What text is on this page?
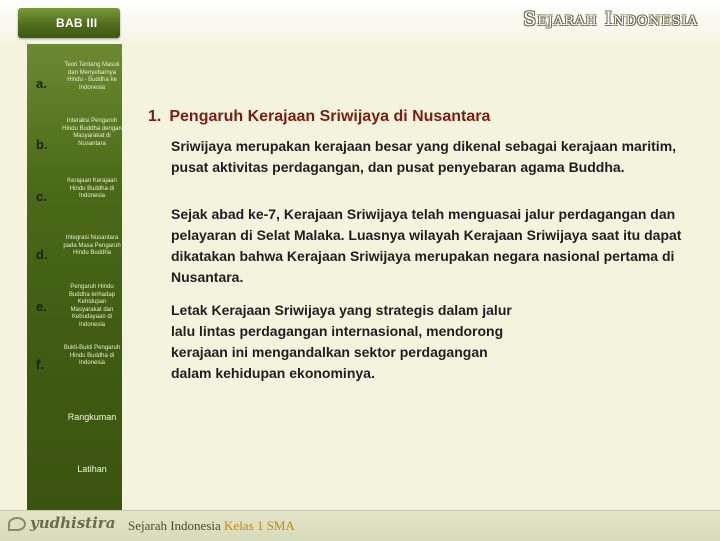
BAB III	Sejarah Indonesia
a.
b.
c.
d.
e.
f.
Teori Tentang Masuk dan Menyebarnya Hindu - Buddha ke Indonesia
Interaksi Pengaruh Hindu Buddha dengan Masyarakat di Nusantara
Kerajaan Kerajaan Hindu Buddha di Indonesia
Integrasi Nusantara pada Masa Pengaruh Hindu Buddha
Pengaruh Hindu Buddha terhadap Kehidupan Masyarakat dan Kebudayaan di Indonesia
Bukti-Bukti Pengaruh Hindu Buddha di Indonesia
Rangkuman
Latihan
1. Pengaruh Kerajaan Sriwijaya di Nusantara

Sriwijaya merupakan kerajaan besar yang dikenal sebagai kerajaan maritim, pusat aktivitas perdagangan, dan pusat penyebaran agama Buddha.

Sejak abad ke-7, Kerajaan Sriwijaya telah menguasai jalur perdagangan dan pelayaran di Selat Malaka. Luasnya wilayah Kerajaan Sriwijaya saat itu dapat dikatakan bahwa Kerajaan Sriwijaya merupakan negara nasional pertama di Nusantara.

Letak Kerajaan Sriwijaya yang strategis dalam jalur lalu lintas perdagangan internasional, mendorong kerajaan ini mengandalkan sektor perdagangan dalam kehidupan ekonominya.

yudhistira Sejarah Indonesia Kelas 1 SMA
